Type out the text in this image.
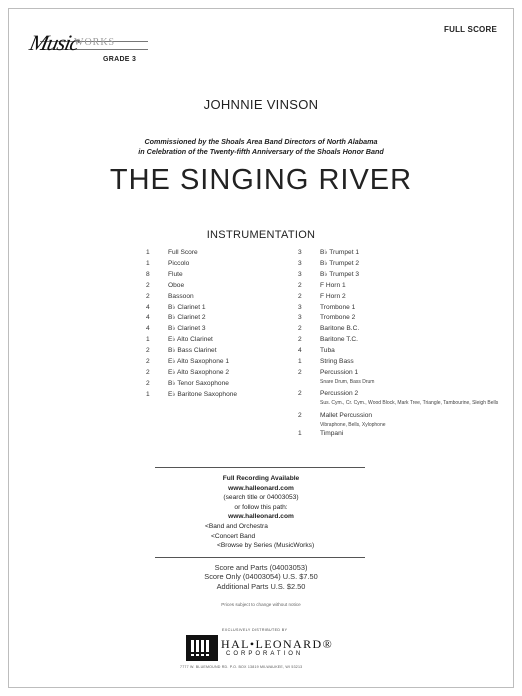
FULL SCORE
Music
WORKS
GRADE 3
JOHNNIE VINSON
Commissioned by the Shoals Area Band Directors of North Alabama
in Celebration of the Twenty-fifth Anniversary of the Shoals Honor Band
THE SINGING RIVER
INSTRUMENTATION
1	Full Score
1	Piccolo
8	Flute
2	Oboe
2	Bassoon
4	B♭ Clarinet 1
4	B♭ Clarinet 2
4	B♭ Clarinet 3
1	E♭ Alto Clarinet
2	B♭ Bass Clarinet
2	E♭ Alto Saxophone 1
2	E♭ Alto Saxophone 2
2	B♭ Tenor Saxophone
1	E♭ Baritone Saxophone
3	B♭ Trumpet 1
3	B♭ Trumpet 2
3	B♭ Trumpet 3
2	F Horn 1
2	F Horn 2
3	Trombone 1
3	Trombone 2
2	Baritone B.C.
2	Baritone T.C.
4	Tuba
1	String Bass
2	Percussion 1
Snare Drum, Bass Drum
2	Percussion 2
Sus. Cym., Cr. Cym., Wood Block, Mark Tree, Triangle, Tambourine, Sleigh Bells
2	Mallet Percussion
Vibraphone, Bells, Xylophone
1	Timpani
Full Recording Available
www.halleonard.com
(search title or 04003053)
or follow this path:
www.halleonard.com
<Band and Orchestra
<Concert Band
<Browse by Series (MusicWorks)
Score and Parts (04003053)
Score Only (04003054) U.S. $7.50
Additional Parts U.S. $2.50
Prices subject to change without notice
EXCLUSIVELY DISTRIBUTED BY
HAL•LEONARD®
CORPORATION
7777 W. BLUEMOUND RD. P.O. BOX 13819 MILWAUKEE, WI 53213
